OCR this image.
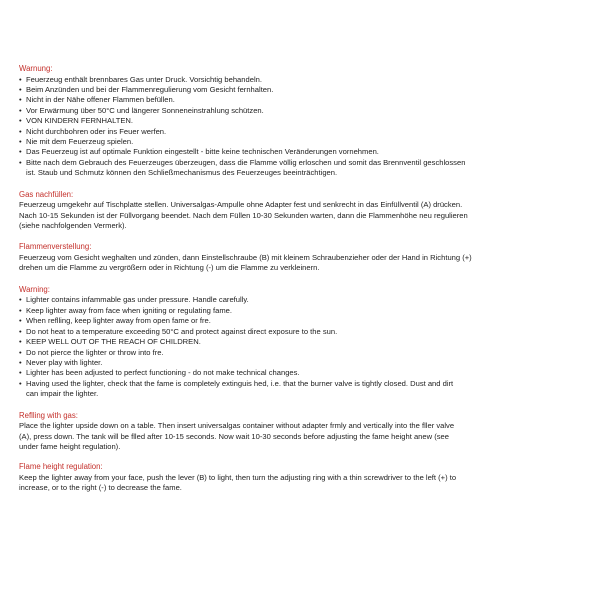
Warnung:
• Feuerzeug enthält brennbares Gas unter Druck. Vorsichtig behandeln.
• Beim Anzünden und bei der Flammenregulierung vom Gesicht fernhalten.
• Nicht in der Nähe offener Flammen befüllen.
• Vor Erwärmung über 50°C und längerer Sonneneinstrahlung schützen.
• VON KINDERN FERNHALTEN.
• Nicht durchbohren oder ins Feuer werfen.
• Nie mit dem Feuerzeug spielen.
• Das Feuerzeug ist auf optimale Funktion eingestellt - bitte keine technischen Veränderungen vornehmen.
• Bitte nach dem Gebrauch des Feuerzeuges überzeugen, dass die Flamme völlig erloschen und somit das Brennventil geschlossen
ist. Staub und Schmutz können den Schließmechanismus des Feuerzeuges beeinträchtigen.
Gas nachfüllen:
Feuerzeug umgekehr auf Tischplatte stellen. Universalgas-Ampulle ohne Adapter fest und senkrecht in das Einfüllventil (A) drücken.
Nach 10-15 Sekunden ist der Füllvorgang beendet. Nach dem Füllen 10-30 Sekunden warten, dann die Flammenhöhe neu regulieren
(siehe nachfolgenden Vermerk).
Flammenverstellung:
Feuerzeug vom Gesicht weghalten und zünden, dann Einstellschraube (B) mit kleinem Schraubenzieher oder der Hand in Richtung (+)
drehen um die Flamme zu vergrößern oder in Richtung (-) um die Flamme zu verkleinern.
Warning:
• Lighter contains infammable gas under pressure. Handle carefully.
• Keep lighter away from face when igniting or regulating fame.
• When reflling, keep lighter away from open fame or fre.
• Do not heat to a temperature exceeding 50°C and protect against direct exposure to the sun.
• KEEP WELL OUT OF THE REACH OF CHILDREN.
• Do not pierce the lighter or throw into fre.
• Never play with lighter.
• Lighter has been adjusted to perfect functioning - do not make technical changes.
• Having used the lighter, check that the fame is completely extinguis hed, i.e. that the burner valve is tightly closed. Dust and dirt
can impair the lighter.
Reflling with gas:
Place the lighter upside down on a table. Then insert universalgas container without adapter frmly and vertically into the fller valve
(A), press down. The tank will be flled after 10-15 seconds. Now wait 10-30 seconds before adjusting the fame height anew (see
under fame height regulation).
Flame height regulation:
Keep the lighter away from your face, push the lever (B) to light, then turn the adjusting ring with a thin screwdriver to the left (+) to
increase, or to the right (-) to decrease the fame.
